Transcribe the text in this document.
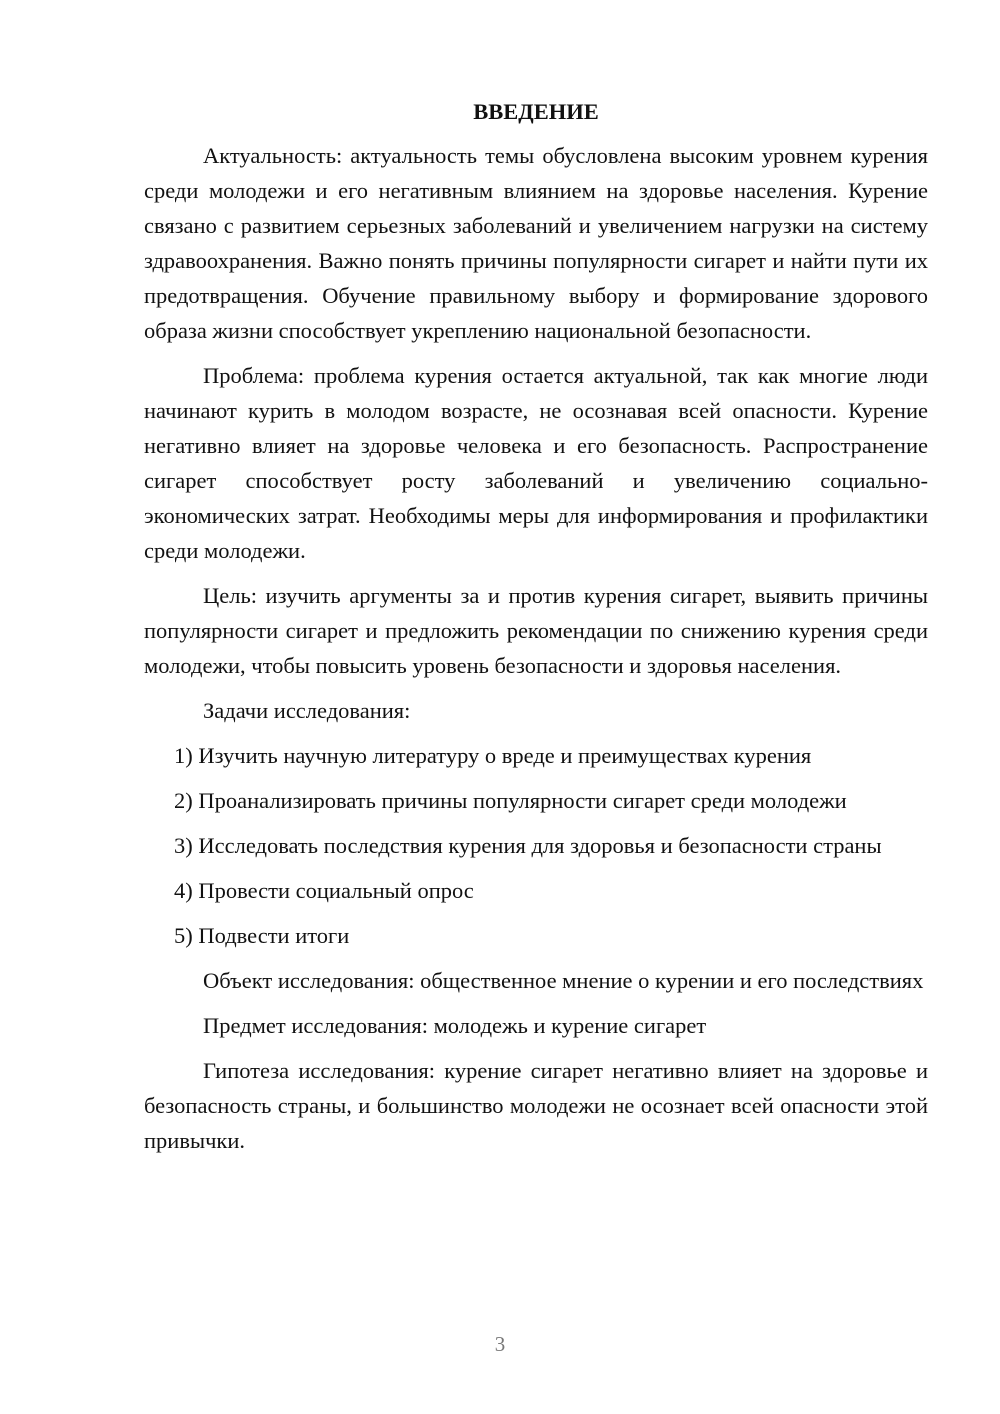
ВВЕДЕНИЕ
Актуальность: актуальность темы обусловлена высоким уровнем курения среди молодежи и его негативным влиянием на здоровье населения. Курение связано с развитием серьезных заболеваний и увеличением нагрузки на систему здравоохранения. Важно понять причины популярности сигарет и найти пути их предотвращения. Обучение правильному выбору и формирование здорового образа жизни способствует укреплению национальной безопасности.
Проблема: проблема курения остается актуальной, так как многие люди начинают курить в молодом возрасте, не осознавая всей опасности. Курение негативно влияет на здоровье человека и его безопасность. Распространение сигарет способствует росту заболеваний и увеличению социально-экономических затрат. Необходимы меры для информирования и профилактики среди молодежи.
Цель: изучить аргументы за и против курения сигарет, выявить причины популярности сигарет и предложить рекомендации по снижению курения среди молодежи, чтобы повысить уровень безопасности и здоровья населения.
Задачи исследования:
1) Изучить научную литературу о вреде и преимуществах курения
2) Проанализировать причины популярности сигарет среди молодежи
3) Исследовать последствия курения для здоровья и безопасности страны
4) Провести социальный опрос
5) Подвести итоги
Объект исследования: общественное мнение о курении и его последствиях
Предмет исследования: молодежь и курение сигарет
Гипотеза исследования: курение сигарет негативно влияет на здоровье и безопасность страны, и большинство молодежи не осознает всей опасности этой привычки.
3
